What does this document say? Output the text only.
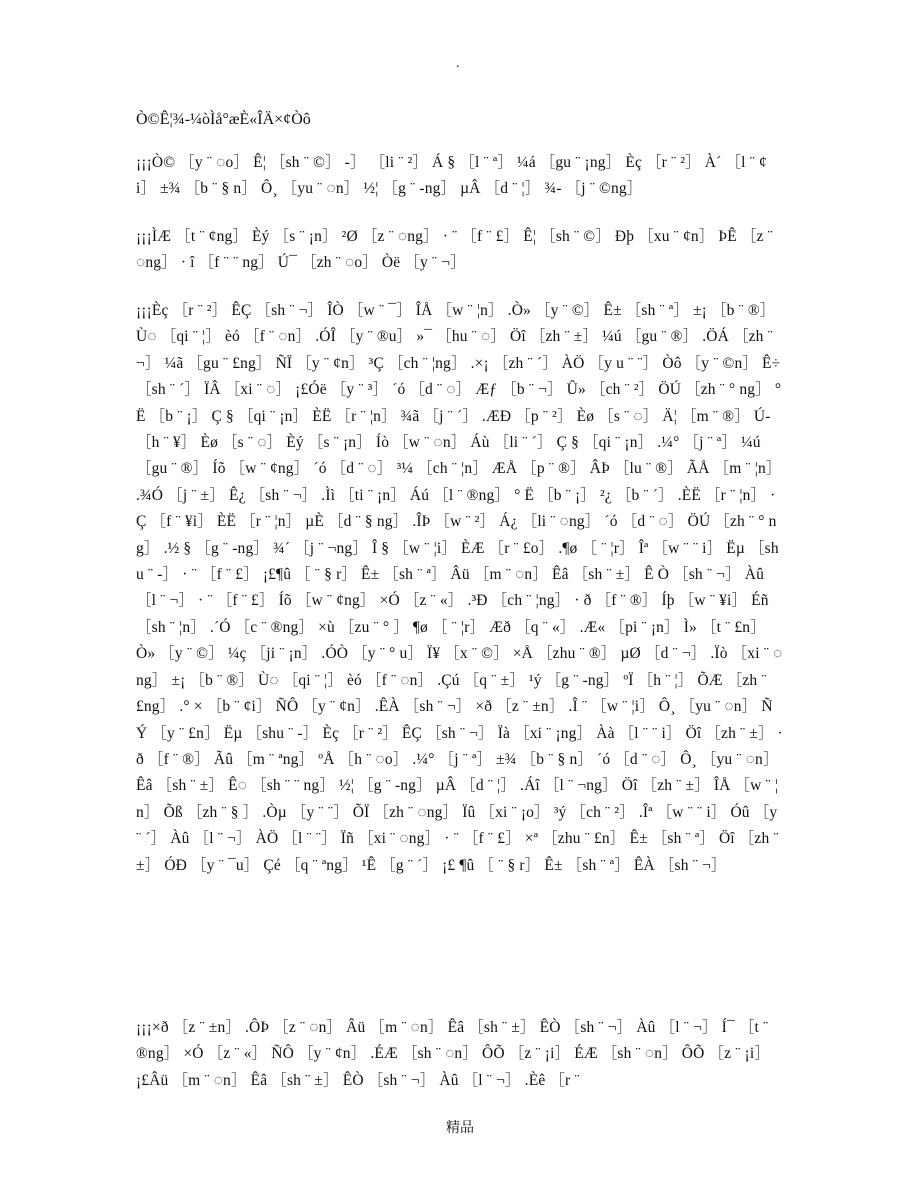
.
Ò©Ê¦¾-¼òÌå°æÈ«ÎÄ×¢Òô

¡¡¡Ò© ［y ¨ ◌o］ Ê¦ ［sh ¨ ©］ -］ ［li ¨ ²］ Á § ［l ¨ ª］ ¼á ［gu ¨ ¡ng］ Èç ［r ¨ ²］ À´ ［l ¨ ¢i］ ±¾ ［b ¨ § n］ Ô¸ ［yu ¨ ◌n］ ½¦ ［g ¨ -ng］ µÂ ［d ¨ ¦］ ¾- ［j ¨ ©ng］

¡¡¡ÌÆ ［t ¨ ¢ng］ Èý ［s ¨ ¡n］ ²Ø ［z ¨ ◌ng］ · ¨ ［f ¨ £］ Ê¦ ［sh ¨ ©］ Ðþ ［xu ¨ ¢n］ ÞÊ ［z ¨ ◌ng］ · î ［f ¨ ¨ ng］ Ú¯ ［zh ¨ ◌o］ Òë ［y ¨ ¬］

¡¡¡Èç ［r ¨ ²］ ÊÇ ［sh ¨ ¬］ ÎÒ ［w ¨ ¯］ ÎÅ ［w ¨ ¦n］ .Ò» ［y ¨ ©］ Ê± ［sh ¨ ª］ ±¡ ［b ¨ ®］ Ù◌ ［qi ¨ ¦］ èó ［f ¨ ◌n］ .ÓÎ ［y ¨ ®u］ »¯ ［hu ¨ ◌］ Öî ［zh ¨ ±］ ¼ú ［gu ¨ ®］ .ÖÁ ［zh ¨ ¬］ ¼ã ［gu ¨ £ng］ ÑÏ ［y ¨ ¢n］ ³Ç ［ch ¨ ¦ng］ .×¡ ［zh ¨ ´］ ÀÖ ［y u ¨ ¨］ Òô ［y ¨ ©n］ Ê÷ ［sh ¨ ´］ ÏÂ ［xi ¨ ◌］ ¡£Óë ［y ¨ ³］ ´ó ［d ¨ ◌］ Æƒ ［b ¨ ¬］ Û» ［ch ¨ ²］ ÖÚ ［zh ¨ ° ng］ ° Ë ［b ¨ ¡］ Ç § ［qi ¨ ¡n］ ÈË ［r ¨ ¦n］ ¾ã ［j ¨ ´］ .ÆÐ ［p ¨ ²］ Èø ［s ¨ ◌］ Ä¦ ［m ¨ ®］ Ú- ［h ¨ ¥］ Èø ［s ¨ ◌］ Èý ［s ¨ ¡n］ Íò ［w ¨ ◌n］ Áù ［li ¨ ´］ Ç § ［qi ¨ ¡n］ .¼° ［j ¨ ª］ ¼ú ［gu ¨ ®］ Íõ ［w ¨ ¢ng］ ´ó ［d ¨ ◌］ ³¼ ［ch ¨ ¦n］ ÆÅ ［p ¨ ®］ ÂÞ ［lu ¨ ®］ ÃÅ ［m ¨ ¦n］ .¾Ó ［j ¨ ±］ Ê¿ ［sh ¨ ¬］ .Ìì ［ti ¨ ¡n］ Áú ［l ¨ ®ng］ ° Ë ［b ¨ ¡］ ²¿ ［b ¨ ´］ .ÈË ［r ¨ ¦n］ · Ç ［f ¨ ¥i］ ÈË ［r ¨ ¦n］ µÈ ［d ¨ § ng］ .ÎÞ ［w ¨ ²］ Á¿ ［li ¨ ◌ng］ ´ó ［d ¨ ◌］ ÖÚ ［zh ¨ ° ng］ .½ § ［g ¨ -ng］ ¾´ ［j ¨ ¬ng］ Î § ［w ¨ ¦i］ ÈÆ ［r ¨ £o］ .¶ø ［ ¨ ¦r］ Îª ［w ¨ ¨ i］ Ëµ ［shu ¨ -］ · ¨ ［f ¨ £］ ¡£¶û ［ ¨ § r］ Ê± ［sh ¨ ª］ Âü ［m ¨ ◌n］ Êâ ［sh ¨ ±］ Ê Ò ［sh ¨ ¬］ Àû ［l ¨ ¬］ · ¨ ［f ¨ £］ Íõ ［w ¨ ¢ng］ ×Ó ［z ¨ «］ .³Ð ［ch ¨ ¦ng］ · ð ［f ¨ ®］ Íþ ［w ¨ ¥i］ Éñ ［sh ¨ ¦n］ .´Ó ［c ¨ ®ng］ ×ù ［zu ¨ ° ］ ¶ø ［ ¨ ¦r］ Æð ［q ¨ «］ .Æ« ［pi ¨ ¡n］ Ì» ［t ¨ £n］ Ò» ［y ¨ ©］ ¼ç ［ji ¨ ¡n］ .ÓÒ ［y ¨ ° u］ Ï¥ ［x ¨ ©］ ×Å ［zhu ¨ ®］ µØ ［d ¨ ¬］ .Ïò ［xi ¨ ◌ng］ ±¡ ［b ¨ ®］ Ù◌ ［qi ¨ ¦］ èó ［f ¨ ◌n］ .Çú ［q ¨ ±］ ¹ý ［g ¨ -ng］ ºÏ ［h ¨ ¦］ ÕÆ ［zh ¨ £ng］ .° × ［b ¨ ¢i］ ÑÔ ［y ¨ ¢n］ .ÊÀ ［sh ¨ ¬］ ×ð ［z ¨ ±n］ .Î ¨ ［w ¨ ¦i］ Ô¸ ［yu ¨ ◌n］ ÑÝ ［y ¨ £n］ Ëµ ［shu ¨ -］ Èç ［r ¨ ²］ ÊÇ ［sh ¨ ¬］ Ïà ［xi ¨ ¡ng］ Àà ［l ¨ ¨ i］ Öî ［zh ¨ ±］ · ð ［f ¨ ®］ Ãû ［m ¨ ªng］ ºÅ ［h ¨ ◌o］ .¼° ［j ¨ ª］ ±¾ ［b ¨ § n］ ´ó ［d ¨ ◌］ Ô¸ ［yu ¨ ◌n］ Êâ ［sh ¨ ±］ Ê◌ ［sh ¨ ¨ ng］ ½¦ ［g ¨ -ng］ µÂ ［d ¨ ¦］ .Áî ［l ¨ ¬ng］ Öî ［zh ¨ ±］ ÎÅ ［w ¨ ¦n］ Õß ［zh ¨ § ］ .Òµ ［y ¨ ¨］ ÕÏ ［zh ¨ ◌ng］ Ïû ［xi ¨ ¡o］ ³ý ［ch ¨ ²］ .Îª ［w ¨ ¨ i］ Óû ［y ¨ ´］ Àû ［l ¨ ¬］ ÀÖ ［l ¨ ¨］ Ïñ ［xi ¨ ◌ng］ · ¨ ［f ¨ £］ ×ª ［zhu ¨ £n］ Ê± ［sh ¨ ª］ Öî ［zh ¨ ±］ ÓÐ ［y ¨ ¯u］ Çé ［q ¨ ªng］ ¹Ê ［g ¨ ´］ ¡£ ¶û ［ ¨ § r］ Ê± ［sh ¨ ª］ ÊÀ ［sh ¨ ¬］

¡¡¡×ð ［z ¨ ±n］ .ÔÞ ［z ¨ ◌n］ Âü ［m ¨ ◌n］ Êâ ［sh ¨ ±］ ÊÒ ［sh ¨ ¬］ Àû ［l ¨ ¬］ Í¯ ［t ¨ ®ng］ ×Ó ［z ¨ «］ ÑÔ ［y ¨ ¢n］ .ÉÆ ［sh ¨ ◌n］ ÔÕ ［z ¨ ¡i］ ÉÆ ［sh ¨ ◌n］ ÔÕ ［z ¨ ¡i］ ¡£Âü ［m ¨ ◌n］ Êâ ［sh ¨ ±］ ÊÒ ［sh ¨ ¬］ Àû ［l ¨ ¬］ .Èê ［r ¨

精品
